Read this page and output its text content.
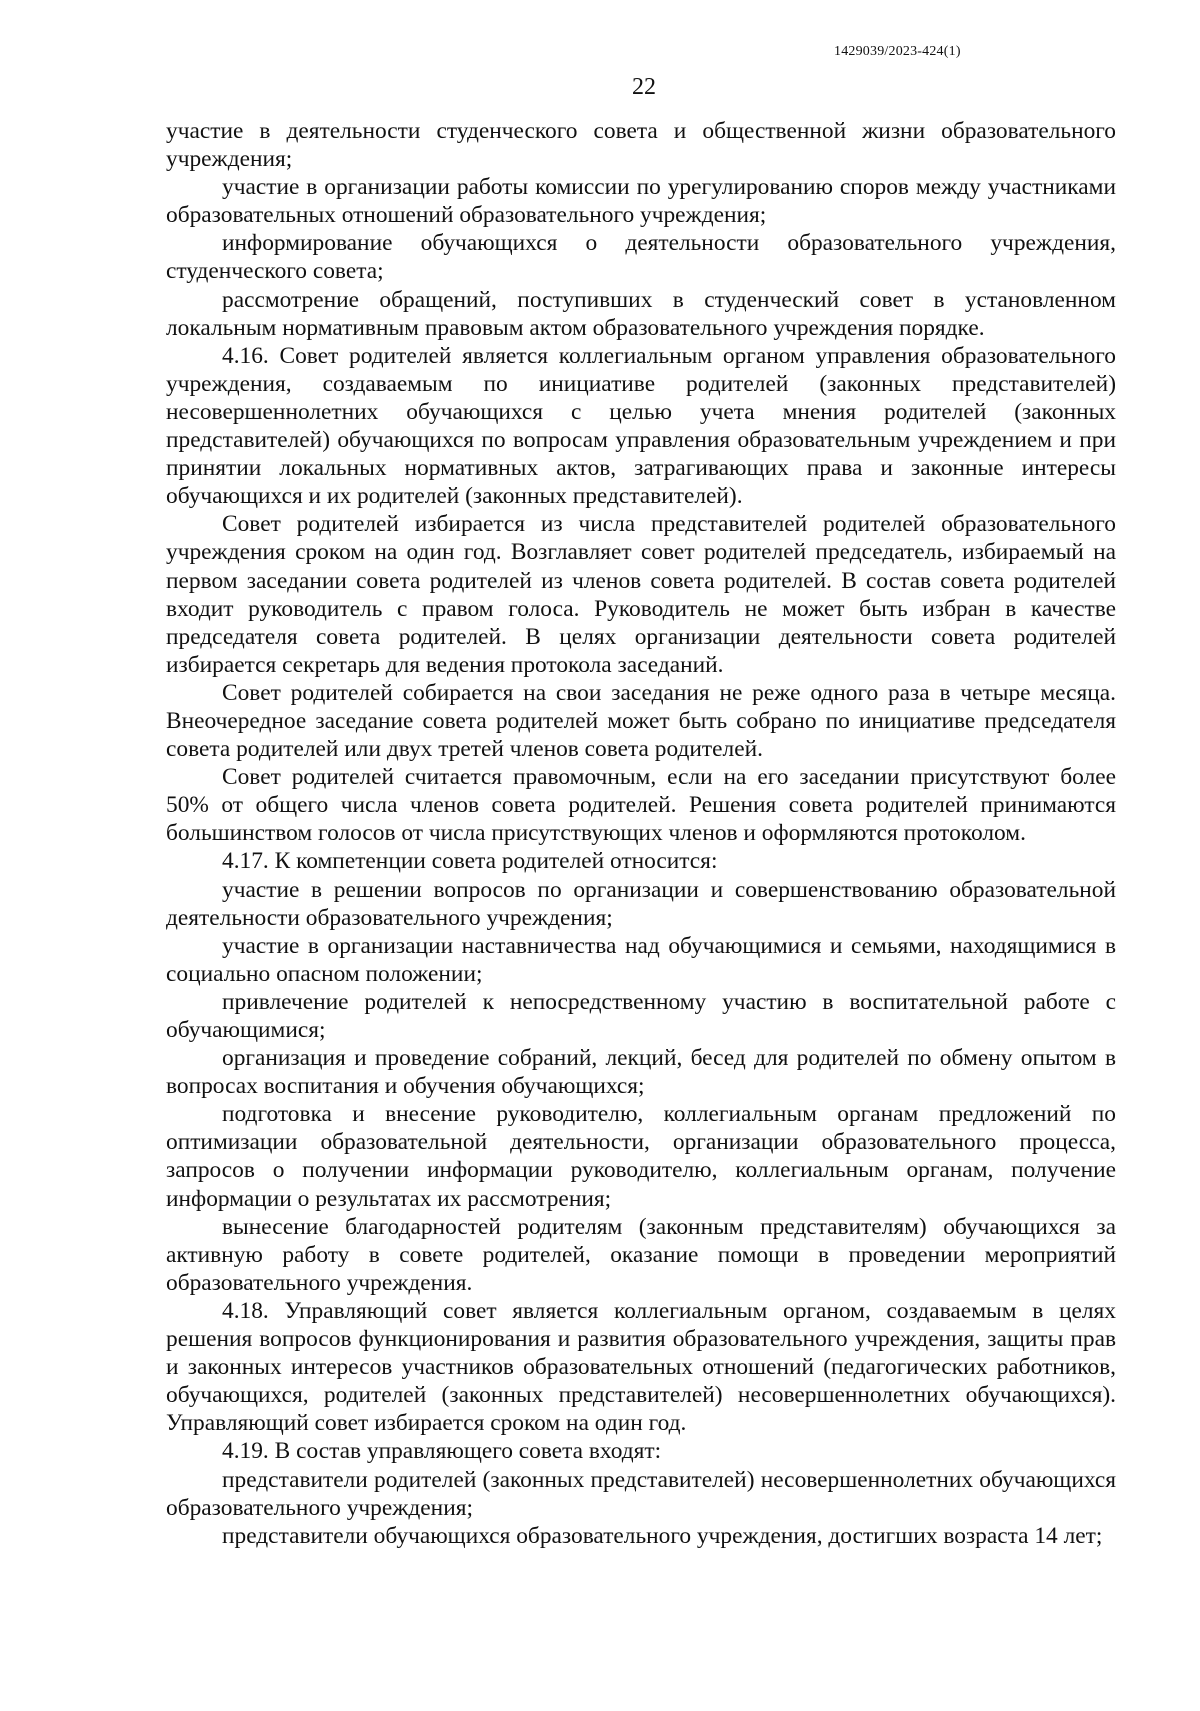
1429039/2023-424(1)
22

участие в деятельности студенческого совета и общественной жизни образовательного учреждения;

участие в организации работы комиссии по урегулированию споров между участниками образовательных отношений образовательного учреждения;

информирование обучающихся о деятельности образовательного учреждения, студенческого совета;

рассмотрение обращений, поступивших в студенческий совет в установленном локальным нормативным правовым актом образовательного учреждения порядке.

4.16. Совет родителей является коллегиальным органом управления образовательного учреждения, создаваемым по инициативе родителей (законных представителей) несовершеннолетних обучающихся с целью учета мнения родителей (законных представителей) обучающихся по вопросам управления образовательным учреждением и при принятии локальных нормативных актов, затрагивающих права и законные интересы обучающихся и их родителей (законных представителей).

Совет родителей избирается из числа представителей родителей образовательного учреждения сроком на один год. Возглавляет совет родителей председатель, избираемый на первом заседании совета родителей из членов совета родителей. В состав совета родителей входит руководитель с правом голоса. Руководитель не может быть избран в качестве председателя совета родителей. В целях организации деятельности совета родителей избирается секретарь для ведения протокола заседаний.

Совет родителей собирается на свои заседания не реже одного раза в четыре месяца. Внеочередное заседание совета родителей может быть собрано по инициативе председателя совета родителей или двух третей членов совета родителей.

Совет родителей считается правомочным, если на его заседании присутствуют более 50% от общего числа членов совета родителей. Решения совета родителей принимаются большинством голосов от числа присутствующих членов и оформляются протоколом.

4.17. К компетенции совета родителей относится:

участие в решении вопросов по организации и совершенствованию образовательной деятельности образовательного учреждения;

участие в организации наставничества над обучающимися и семьями, находящимися в социально опасном положении;

привлечение родителей к непосредственному участию в воспитательной работе с обучающимися;

организация и проведение собраний, лекций, бесед для родителей по обмену опытом в вопросах воспитания и обучения обучающихся;

подготовка и внесение руководителю, коллегиальным органам предложений по оптимизации образовательной деятельности, организации образовательного процесса, запросов о получении информации руководителю, коллегиальным органам, получение информации о результатах их рассмотрения;

вынесение благодарностей родителям (законным представителям) обучающихся за активную работу в совете родителей, оказание помощи в проведении мероприятий образовательного учреждения.

4.18. Управляющий совет является коллегиальным органом, создаваемым в целях решения вопросов функционирования и развития образовательного учреждения, защиты прав и законных интересов участников образовательных отношений (педагогических работников, обучающихся, родителей (законных представителей) несовершеннолетних обучающихся). Управляющий совет избирается сроком на один год.

4.19. В состав управляющего совета входят:

представители родителей (законных представителей) несовершеннолетних обучающихся образовательного учреждения;

представители обучающихся образовательного учреждения, достигших возраста 14 лет;
